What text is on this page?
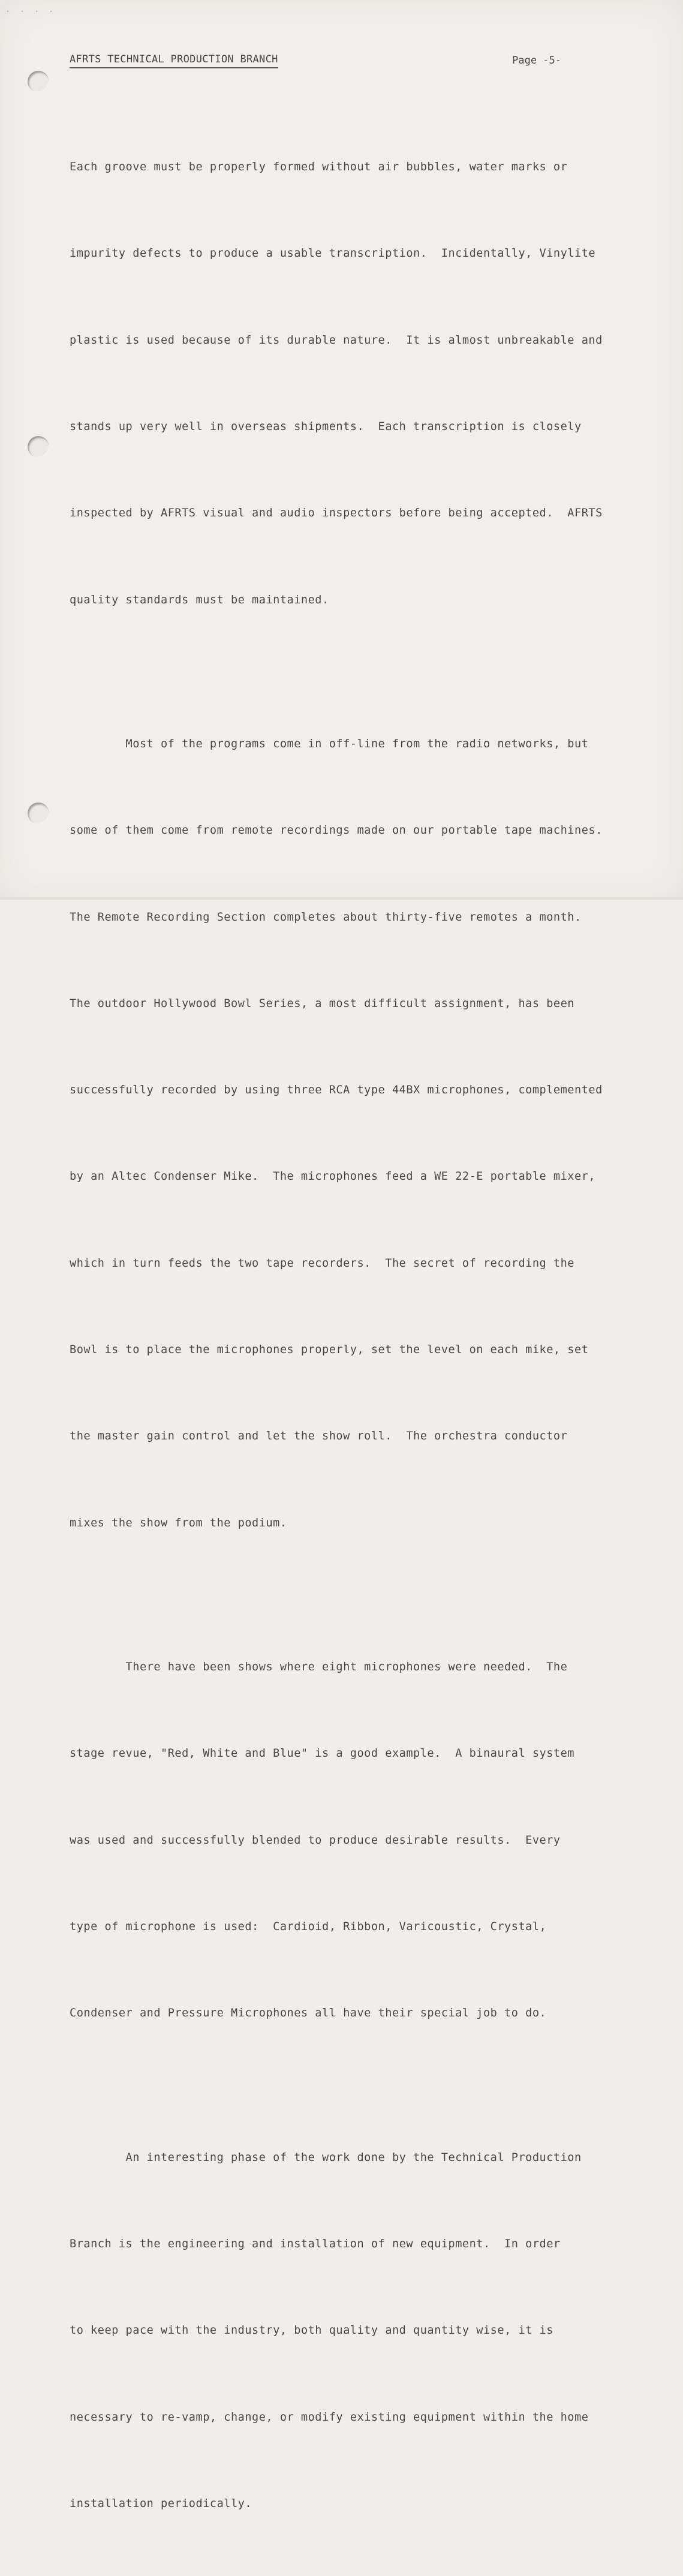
· · · ·
AFRTS TECHNICAL PRODUCTION BRANCH	Page -5-

Each groove must be properly formed without air bubbles, water marks or

impurity defects to produce a usable transcription.  Incidentally, Vinylite

plastic is used because of its durable nature.  It is almost unbreakable and

stands up very well in overseas shipments.  Each transcription is closely

inspected by AFRTS visual and audio inspectors before being accepted.  AFRTS

quality standards must be maintained.

Most of the programs come in off-line from the radio networks, but

some of them come from remote recordings made on our portable tape machines.

The Remote Recording Section completes about thirty-five remotes a month.

The outdoor Hollywood Bowl Series, a most difficult assignment, has been

successfully recorded by using three RCA type 44BX microphones, complemented

by an Altec Condenser Mike.  The microphones feed a WE 22-E portable mixer,

which in turn feeds the two tape recorders.  The secret of recording the

Bowl is to place the microphones properly, set the level on each mike, set

the master gain control and let the show roll.  The orchestra conductor

mixes the show from the podium.

There have been shows where eight microphones were needed.  The

stage revue, "Red, White and Blue" is a good example.  A binaural system

was used and successfully blended to produce desirable results.  Every

type of microphone is used:  Cardioid, Ribbon, Varicoustic, Crystal,

Condenser and Pressure Microphones all have their special job to do.

An interesting phase of the work done by the Technical Production

Branch is the engineering and installation of new equipment.  In order

to keep pace with the industry, both quality and quantity wise, it is

necessary to re-vamp, change, or modify existing equipment within the home

installation periodically.
